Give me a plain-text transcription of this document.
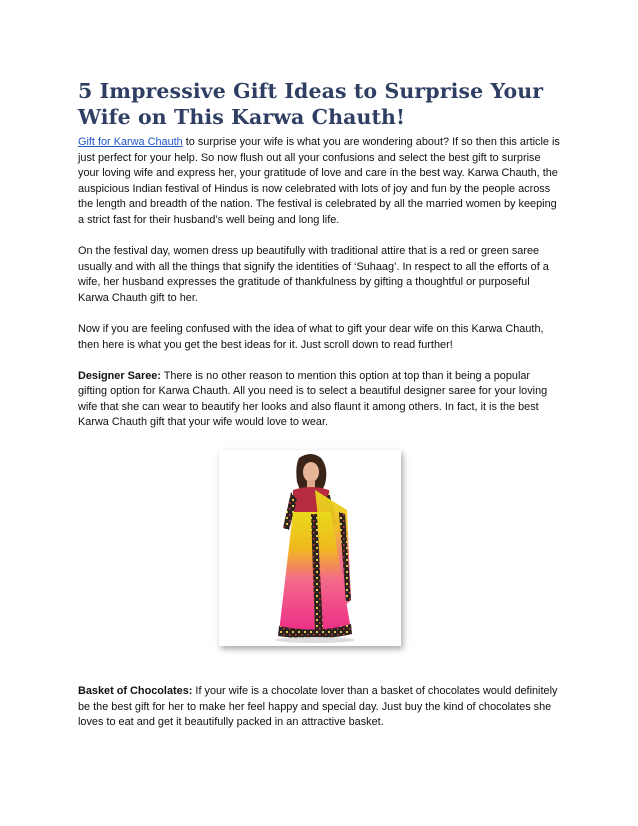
5 Impressive Gift Ideas to Surprise Your Wife on This Karwa Chauth!

Gift for Karwa Chauth to surprise your wife is what you are wondering about? If so then this article is just perfect for your help. So now flush out all your confusions and select the best gift to surprise your loving wife and express her, your gratitude of love and care in the best way. Karwa Chauth, the auspicious Indian festival of Hindus is now celebrated with lots of joy and fun by the people across the length and breadth of the nation. The festival is celebrated by all the married women by keeping a strict fast for their husband’s well being and long life.

On the festival day, women dress up beautifully with traditional attire that is a red or green saree usually and with all the things that signify the identities of ‘Suhaag’. In respect to all the efforts of a wife, her husband expresses the gratitude of thankfulness by gifting a thoughtful or purposeful Karwa Chauth gift to her.

Now if you are feeling confused with the idea of what to gift your dear wife on this Karwa Chauth, then here is what you get the best ideas for it. Just scroll down to read further!

Designer Saree: There is no other reason to mention this option at top than it being a popular gifting option for Karwa Chauth. All you need is to select a beautiful designer saree for your loving wife that she can wear to beautify her looks and also flaunt it among others. In fact, it is the best Karwa Chauth gift that your wife would love to wear.

Basket of Chocolates: If your wife is a chocolate lover than a basket of chocolates would definitely be the best gift for her to make her feel happy and special day. Just buy the kind of chocolates she loves to eat and get it beautifully packed in an attractive basket.
